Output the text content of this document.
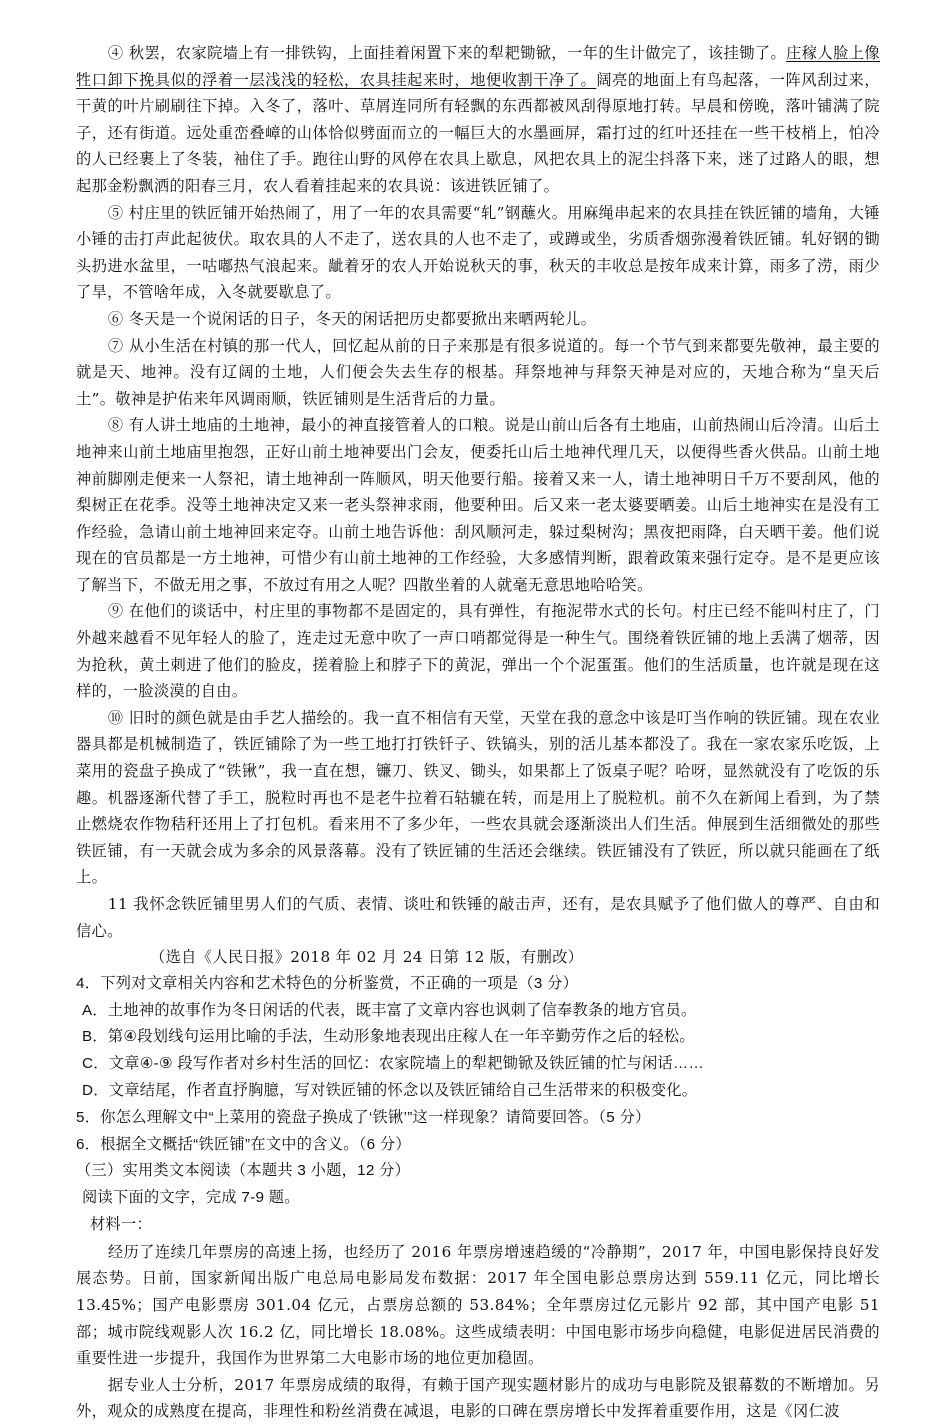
④ 秋罢，农家院墙上有一排铁钩，上面挂着闲置下来的犁耙锄锨，一年的生计做完了，该挂锄了。庄稼人脸上像牲口卸下挽具似的浮着一层浅浅的轻松，农具挂起来时，地便收割干净了。阔亮的地面上有鸟起落，一阵风刮过来，干黄的叶片刷刷往下掉。入冬了，落叶、草屑连同所有轻飘的东西都被风刮得原地打转。早晨和傍晚，落叶铺满了院子，还有街道。远处重峦叠嶂的山体恰似劈面而立的一幅巨大的水墨画屏，霜打过的红叶还挂在一些干枝梢上，怕冷的人已经裹上了冬装，袖住了手。跑往山野的风停在农具上歇息，风把农具上的泥尘抖落下来，迷了过路人的眼，想起那金粉飘洒的阳春三月，农人看着挂起来的农具说：该进铁匠铺了。

⑤ 村庄里的铁匠铺开始热闹了，用了一年的农具需要“轧”钢蘸火。用麻绳串起来的农具挂在铁匠铺的墙角，大锤小锤的击打声此起彼伏。取农具的人不走了，送农具的人也不走了，或蹲或坐，劣质香烟弥漫着铁匠铺。轧好钢的锄头扔进水盆里，一咕嘟热气浪起来。龇着牙的农人开始说秋天的事，秋天的丰收总是按年成来计算，雨多了涝，雨少了旱，不管啥年成，入冬就要歇息了。

⑥ 冬天是一个说闲话的日子，冬天的闲话把历史都要掀出来晒两轮儿。

⑦ 从小生活在村镇的那一代人，回忆起从前的日子来那是有很多说道的。每一个节气到来都要先敬神，最主要的就是天、地神。没有辽阔的土地，人们便会失去生存的根基。拜祭地神与拜祭天神是对应的，天地合称为“皇天后土”。敬神是护佑来年风调雨顺，铁匠铺则是生活背后的力量。

⑧ 有人讲土地庙的土地神，最小的神直接管着人的口粮。说是山前山后各有土地庙，山前热闹山后冷清。山后土地神来山前土地庙里抱怨，正好山前土地神要出门会友，便委托山后土地神代理几天，以便得些香火供品。山前土地神前脚刚走便来一人祭祀，请土地神刮一阵顺风，明天他要行船。接着又来一人，请土地神明日千万不要刮风，他的梨树正在花季。没等土地神决定又来一老头祭神求雨，他要种田。后又来一老太婆要晒姜。山后土地神实在是没有工作经验，急请山前土地神回来定夺。山前土地告诉他：刮风顺河走，躲过梨树沟；黑夜把雨降，白天晒干姜。他们说现在的官员都是一方土地神，可惜少有山前土地神的工作经验，大多感情判断，跟着政策来强行定夺。是不是更应该了解当下，不做无用之事，不放过有用之人呢？四散坐着的人就毫无意思地哈哈笑。

⑨ 在他们的谈话中，村庄里的事物都不是固定的，具有弹性，有拖泥带水式的长句。村庄已经不能叫村庄了，门外越来越看不见年轻人的脸了，连走过无意中吹了一声口哨都觉得是一种生气。围绕着铁匠铺的地上丢满了烟蒂，因为抢秋，黄土刺进了他们的脸皮，搓着脸上和脖子下的黄泥，弹出一个个泥蛋蛋。他们的生活质量，也许就是现在这样的，一脸淡漠的自由。

⑩ 旧时的颜色就是由手艺人描绘的。我一直不相信有天堂，天堂在我的意念中该是叮当作响的铁匠铺。现在农业器具都是机械制造了，铁匠铺除了为一些工地打打铁钎子、铁镐头，别的活儿基本都没了。我在一家农家乐吃饭，上菜用的瓷盘子换成了“铁锹”，我一直在想，镰刀、铁叉、锄头，如果都上了饭桌子呢？哈呀，显然就没有了吃饭的乐趣。机器逐渐代替了手工，脱粒时再也不是老牛拉着石轱辘在转，而是用上了脱粒机。前不久在新闻上看到，为了禁止燃烧农作物秸秆还用上了打包机。看来用不了多少年，一些农具就会逐渐淡出人们生活。伸展到生活细微处的那些铁匠铺，有一天就会成为多余的风景落幕。没有了铁匠铺的生活还会继续。铁匠铺没有了铁匠，所以就只能画在了纸上。

11 我怀念铁匠铺里男人们的气质、表情、谈吐和铁锤的敲击声，还有，是农具赋予了他们做人的尊严、自由和信心。

（选自《人民日报》2018 年 02 月 24 日第 12 版，有删改）

4．下列对文章相关内容和艺术特色的分析鉴赏，不正确的一项是（3 分）

A．土地神的故事作为冬日闲话的代表，既丰富了文章内容也讽刺了信奉教条的地方官员。

B．第④段划线句运用比喻的手法，生动形象地表现出庄稼人在一年辛勤劳作之后的轻松。

C．文章④-⑨ 段写作者对乡村生活的回忆：农家院墙上的犁耙锄锨及铁匠铺的忙与闲话……

D．文章结尾，作者直抒胸臆，写对铁匠铺的怀念以及铁匠铺给自己生活带来的积极变化。

5．你怎么理解文中“上菜用的瓷盘子换成了‘铁锹’”这一样现象？请简要回答。（5 分）

6．根据全文概括“铁匠铺”在文中的含义。（6 分）

（三）实用类文本阅读（本题共 3 小题，12 分）

阅读下面的文字，完成 7-9 题。

材料一：

经历了连续几年票房的高速上扬，也经历了 2016 年票房增速趋缓的“冷静期”，2017 年，中国电影保持良好发展态势。日前，国家新闻出版广电总局电影局发布数据：2017 年全国电影总票房达到 559.11 亿元，同比增长 13.45%；国产电影票房 301.04 亿元，占票房总额的 53.84%；全年票房过亿元影片 92 部，其中国产电影 51 部；城市院线观影人次 16.2 亿，同比增长 18.08%。这些成绩表明：中国电影市场步向稳健，电影促进居民消费的重要性进一步提升，我国作为世界第二大电影市场的地位更加稳固。

据专业人士分析，2017 年票房成绩的取得，有赖于国产现实题材影片的成功与电影院及银幕数的不断增加。另外，观众的成熟度在提高，非理性和粉丝消费在减退，电影的口碑在票房增长中发挥着重要作用，这是《冈仁波
